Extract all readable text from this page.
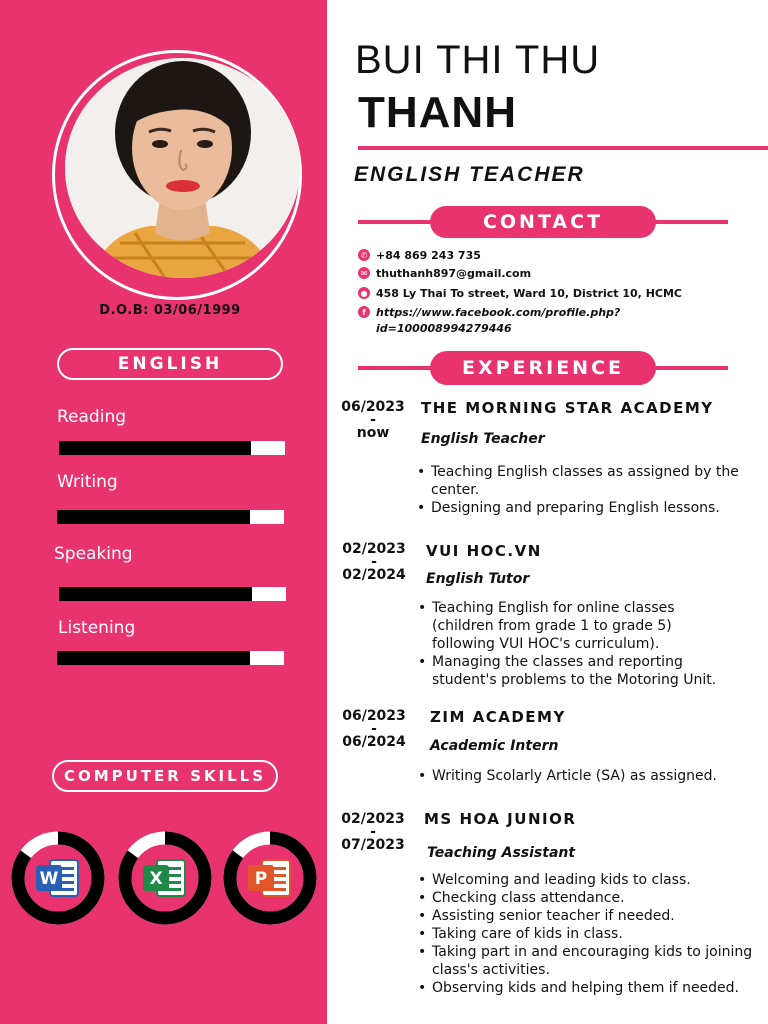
D.O.B: 03/06/1999
ENGLISH
Reading
Writing
Speaking
Listening
COMPUTER SKILLS
W	X	P
BUI THI THU
THANH
ENGLISH TEACHER
CONTACT
✆ +84 869 243 735
✉ thuthanh897@gmail.com
● 458 Ly Thai To street, Ward 10, District 10, HCMC
f https://www.facebook.com/profile.php?
id=100008994279446
EXPERIENCE
06/2023
-
now
THE MORNING STAR ACADEMY
English Teacher
• Teaching English classes as assigned by the center.
• Designing and preparing English lessons.
02/2023
-
02/2024
VUI HOC.VN
English Tutor
• Teaching English for online classes (children from grade 1 to grade 5) following VUI HOC's curriculum).
• Managing the classes and reporting student's problems to the Motoring Unit.
06/2023
-
06/2024
ZIM ACADEMY
Academic Intern
• Writing Scolarly Article (SA) as assigned.
02/2023
-
07/2023
MS HOA JUNIOR
Teaching Assistant
• Welcoming and leading kids to class.
• Checking class attendance.
• Assisting senior teacher if needed.
• Taking care of kids in class.
• Taking part in and encouraging kids to joining class's activities.
• Observing kids and helping them if needed.
